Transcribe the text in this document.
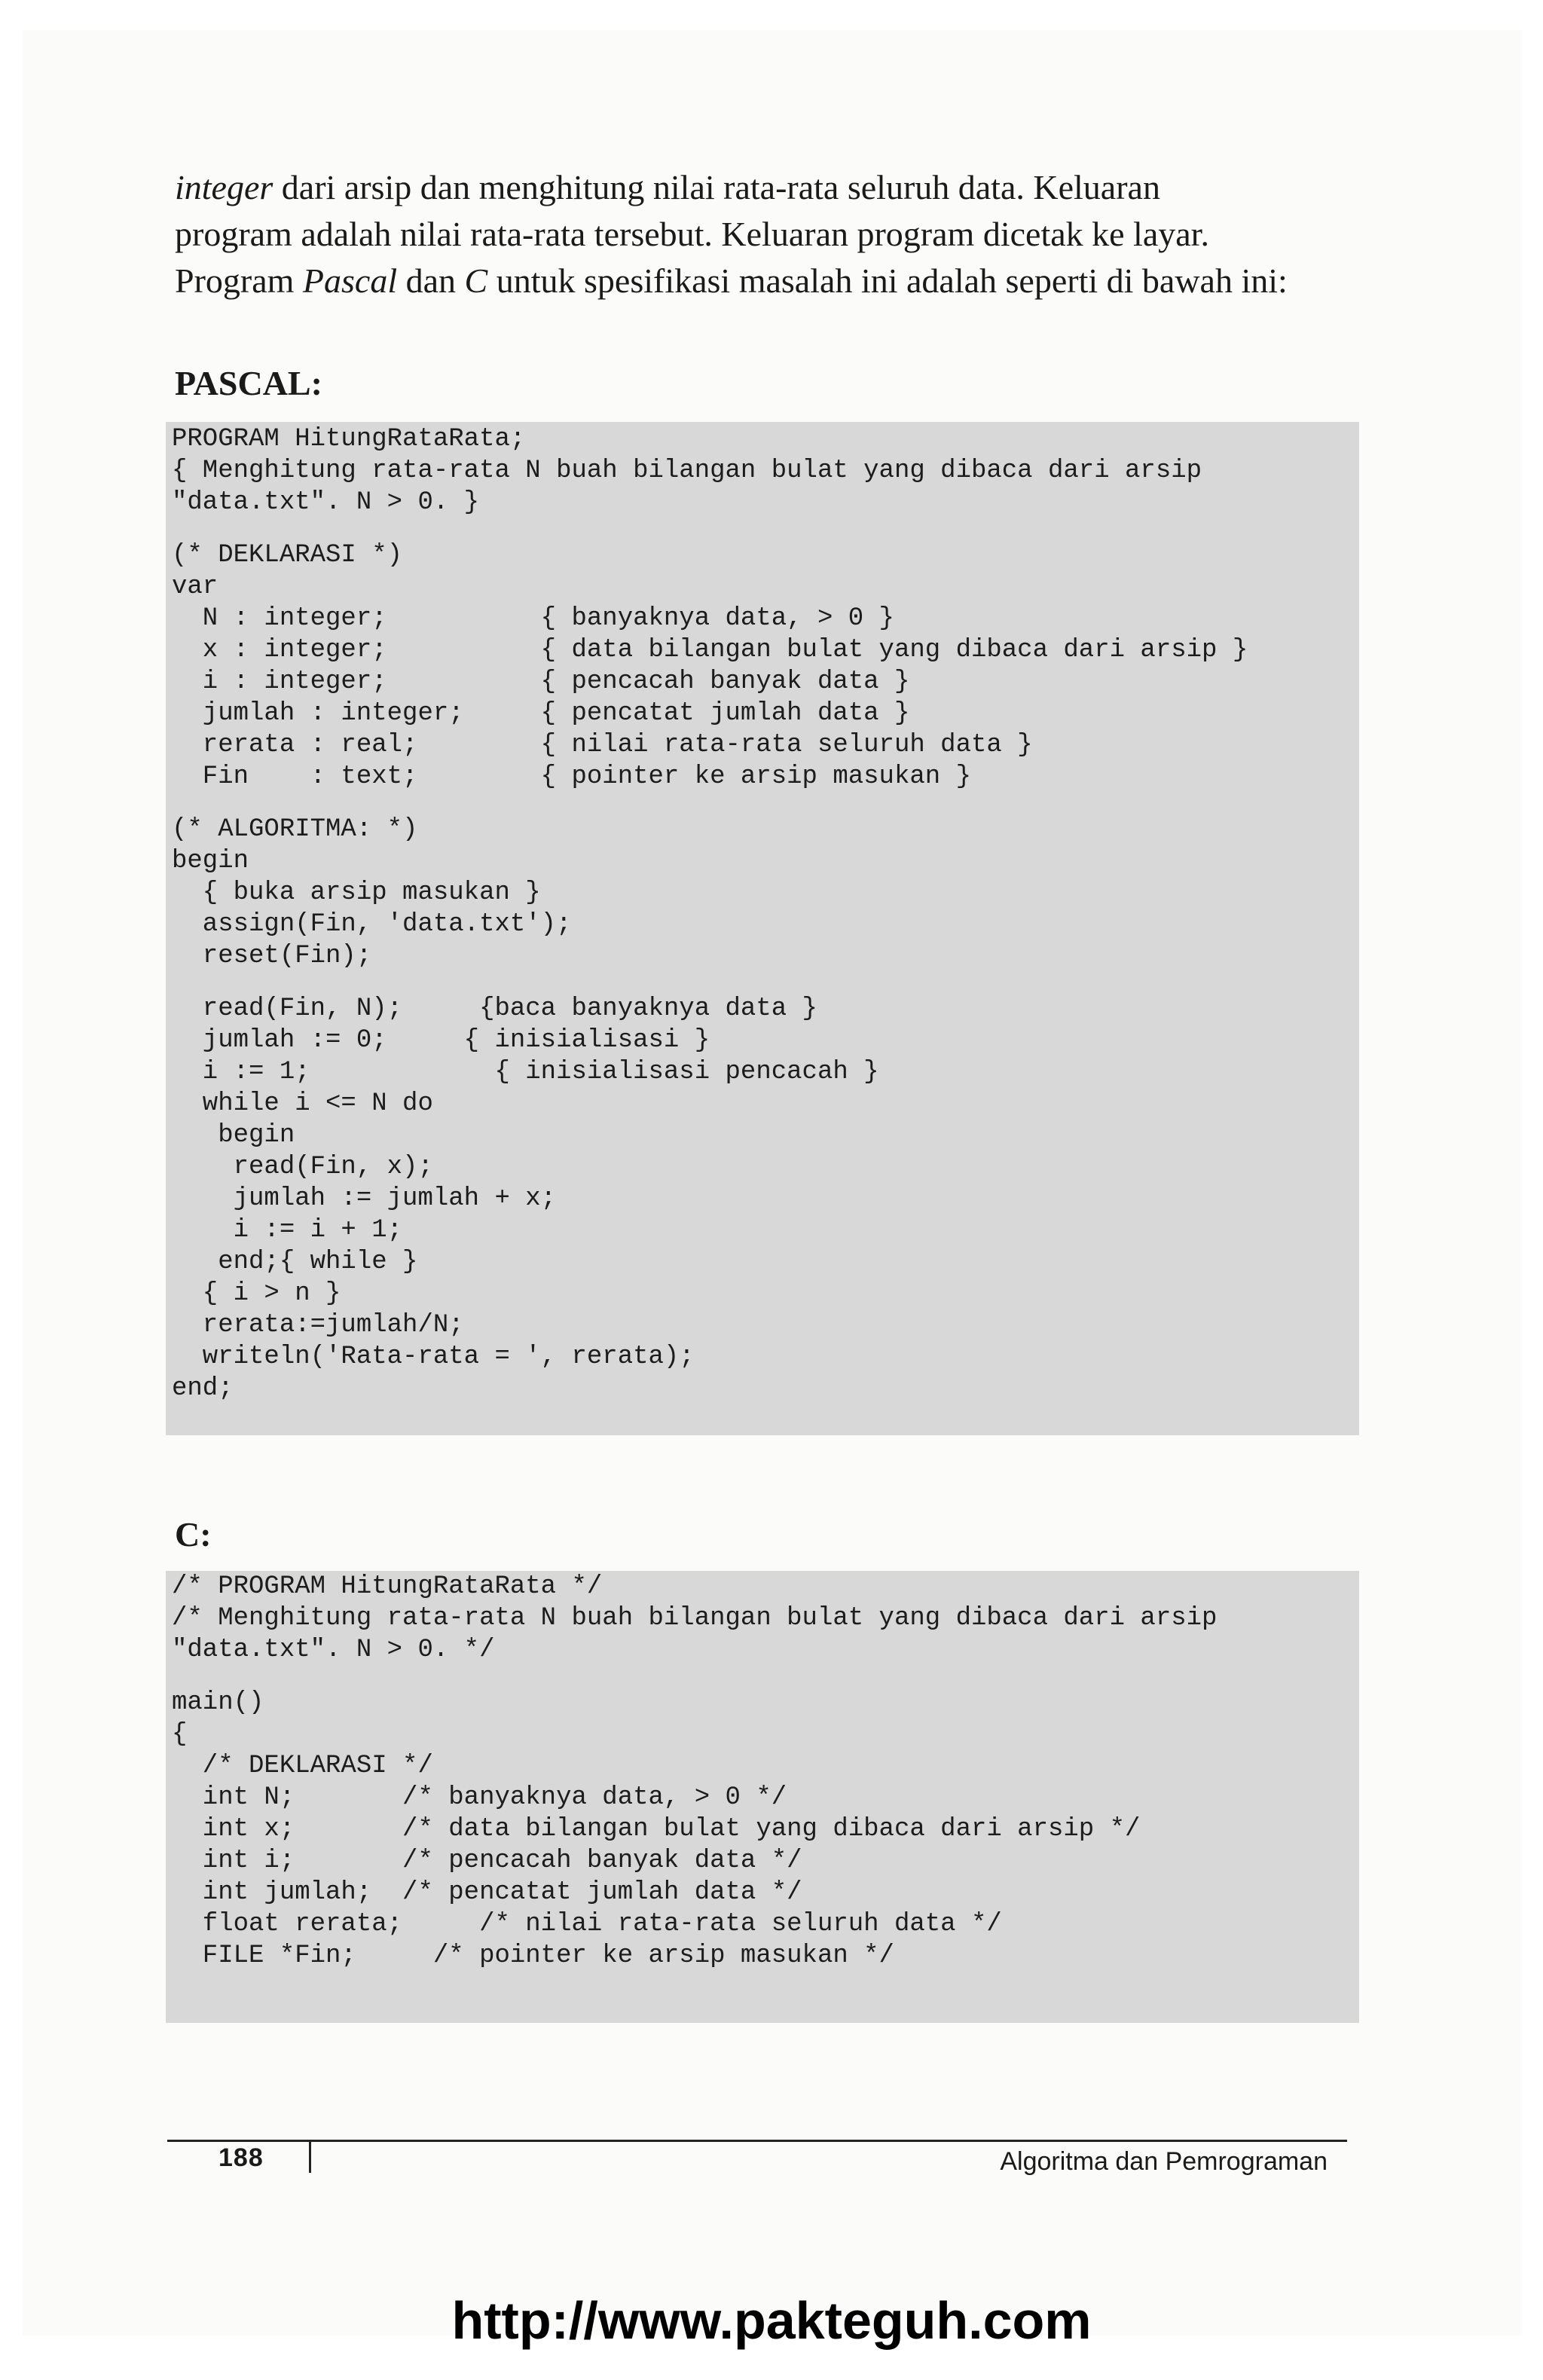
integer dari arsip dan menghitung nilai rata-rata seluruh data. Keluaran

program adalah nilai rata-rata tersebut. Keluaran program dicetak ke layar.

Program Pascal dan C untuk spesifikasi masalah ini adalah seperti di bawah ini:

PASCAL:
PROGRAM HitungRataRata;
{ Menghitung rata-rata N buah bilangan bulat yang dibaca dari arsip
"data.txt". N > 0. }
(* DEKLARASI *)
var
N : integer;          { banyaknya data, > 0 }
x : integer;          { data bilangan bulat yang dibaca dari arsip }
i : integer;          { pencacah banyak data }
jumlah : integer;     { pencatat jumlah data }
rerata : real;        { nilai rata-rata seluruh data }
Fin    : text;        { pointer ke arsip masukan }
(* ALGORITMA: *)
begin
{ buka arsip masukan }
assign(Fin, 'data.txt');
reset(Fin);
read(Fin, N);     {baca banyaknya data }
jumlah := 0;     { inisialisasi }
i := 1;            { inisialisasi pencacah }
while i <= N do
begin
read(Fin, x);
jumlah := jumlah + x;
i := i + 1;
end;{ while }
{ i > n }
rerata:=jumlah/N;
writeln('Rata-rata = ', rerata);
end;
C:
/* PROGRAM HitungRataRata */
/* Menghitung rata-rata N buah bilangan bulat yang dibaca dari arsip
"data.txt". N > 0. */
main()
{
/* DEKLARASI */
int N;       /* banyaknya data, > 0 */
int x;       /* data bilangan bulat yang dibaca dari arsip */
int i;       /* pencacah banyak data */
int jumlah;  /* pencatat jumlah data */
float rerata;     /* nilai rata-rata seluruh data */
FILE *Fin;     /* pointer ke arsip masukan */
188	Algoritma dan Pemrograman
http://www.pakteguh.com
